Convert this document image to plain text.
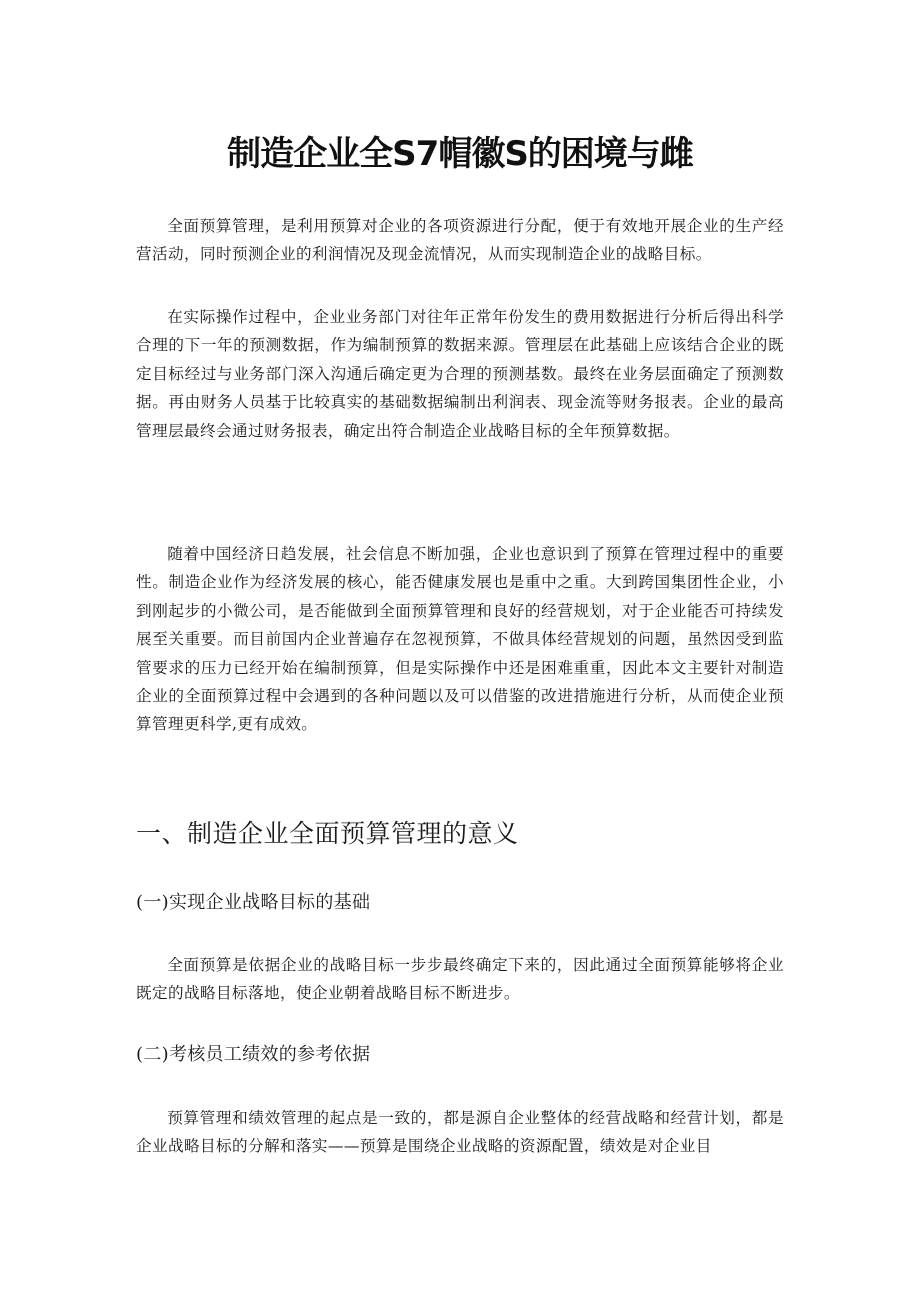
制造企业全S7帽徽S的困境与雌

全面预算管理，是利用预算对企业的各项资源进行分配，便于有效地开展企业的生产经营活动，同时预测企业的利润情况及现金流情况，从而实现制造企业的战略目标。

在实际操作过程中，企业业务部门对往年正常年份发生的费用数据进行分析后得出科学合理的下一年的预测数据，作为编制预算的数据来源。管理层在此基础上应该结合企业的既定目标经过与业务部门深入沟通后确定更为合理的预测基数。最终在业务层面确定了预测数据。再由财务人员基于比较真实的基础数据编制出利润表、现金流等财务报表。企业的最高管理层最终会通过财务报表，确定出符合制造企业战略目标的全年预算数据。

随着中国经济日趋发展，社会信息不断加强，企业也意识到了预算在管理过程中的重要性。制造企业作为经济发展的核心，能否健康发展也是重中之重。大到跨国集团性企业，小到刚起步的小微公司，是否能做到全面预算管理和良好的经营规划，对于企业能否可持续发展至关重要。而目前国内企业普遍存在忽视预算，不做具体经营规划的问题，虽然因受到监管要求的压力已经开始在编制预算，但是实际操作中还是困难重重，因此本文主要针对制造企业的全面预算过程中会遇到的各种问题以及可以借鉴的改进措施进行分析，从而使企业预算管理更科学,更有成效。

一、制造企业全面预算管理的意义
(一)实现企业战略目标的基础

全面预算是依据企业的战略目标一步步最终确定下来的，因此通过全面预算能够将企业既定的战略目标落地，使企业朝着战略目标不断进步。

(二)考核员工绩效的参考依据

预算管理和绩效管理的起点是一致的，都是源自企业整体的经营战略和经营计划，都是企业战略目标的分解和落实——预算是围绕企业战略的资源配置，绩效是对企业目
